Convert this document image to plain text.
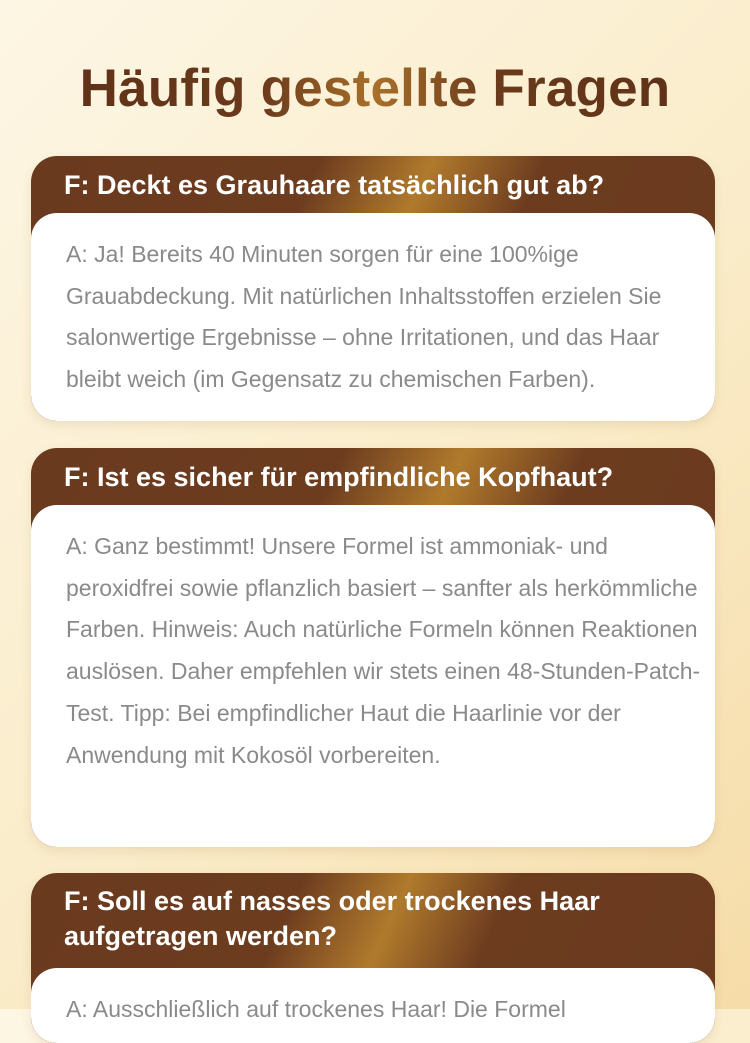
Häufig gestellte Fragen
F: Deckt es Grauhaare tatsächlich gut ab?

A: Ja! Bereits 40 Minuten sorgen für eine 100%ige Grauabdeckung. Mit natürlichen Inhaltsstoffen erzielen Sie salonwertige Ergebnisse – ohne Irritationen, und das Haar bleibt weich (im Gegensatz zu chemischen Farben).

F: Ist es sicher für empfindliche Kopfhaut?

A: Ganz bestimmt! Unsere Formel ist ammoniak- und peroxidfrei sowie pflanzlich basiert – sanfter als herkömmliche Farben. Hinweis: Auch natürliche Formeln können Reaktionen auslösen. Daher empfehlen wir stets einen 48-Stunden-Patch-Test. Tipp: Bei empfindlicher Haut die Haarlinie vor der Anwendung mit Kokosöl vorbereiten.

F: Soll es auf nasses oder trockenes Haar aufgetragen werden?

A: Ausschließlich auf trockenes Haar! Die Formel
